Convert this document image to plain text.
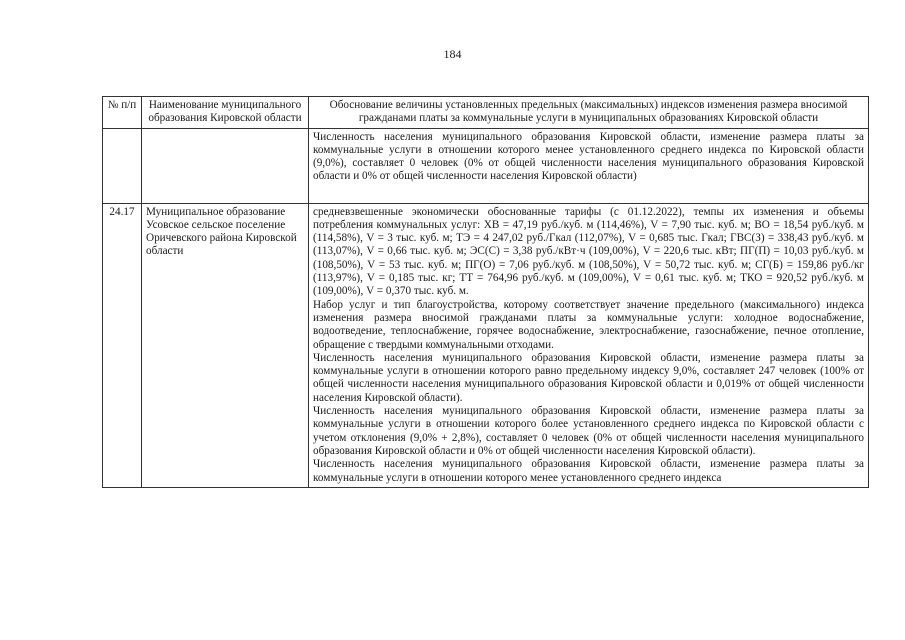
184
№ п/п	Наименование муниципального образования Кировской области	Обоснование величины установленных предельных (максимальных) индексов изменения размера вносимой гражданами платы за коммунальные услуги в муниципальных образованиях Кировской области

		Численность населения муниципального образования Кировской области, изменение размера платы за коммунальные услуги в отношении которого менее установленного среднего индекса по Кировской области (9,0%), составляет 0 человек (0% от общей численности населения муниципального образования Кировской области и 0% от общей численности населения Кировской области)

24.17	Муниципальное образование Усовское сельское поселение Оричевского района Кировской области	средневзвешенные экономически обоснованные тарифы (с 01.12.2022), темпы их изменения и объемы потребления коммунальных услуг: ХВ = 47,19 руб./куб. м (114,46%), V = 7,90 тыс. куб. м; ВО = 18,54 руб./куб. м (114,58%), V = 3 тыс. куб. м; ТЭ = 4 247,02 руб./Гкал (112,07%), V = 0,685 тыс. Гкал; ГВС(З) = 338,43 руб./куб. м (113,07%), V = 0,66 тыс. куб. м; ЭС(С) = 3,38 руб./кВт·ч (109,00%), V = 220,6 тыс. кВт; ПГ(П) = 10,03 руб./куб. м (108,50%), V = 53 тыс. куб. м; ПГ(О) = 7,06 руб./куб. м (108,50%), V = 50,72 тыс. куб. м; СГ(Б) = 159,86 руб./кг (113,97%), V = 0,185 тыс. кг; ТТ = 764,96 руб./куб. м (109,00%), V = 0,61 тыс. куб. м; ТКО = 920,52 руб./куб. м (109,00%), V = 0,370 тыс. куб. м.

Набор услуг и тип благоустройства, которому соответствует значение предельного (максимального) индекса изменения размера вносимой гражданами платы за коммунальные услуги: холодное водоснабжение, водоотведение, теплоснабжение, горячее водоснабжение, электроснабжение, газоснабжение, печное отопление, обращение с твердыми коммунальными отходами.

Численность населения муниципального образования Кировской области, изменение размера платы за коммунальные услуги в отношении которого равно предельному индексу 9,0%, составляет 247 человек (100% от общей численности населения муниципального образования Кировской области и 0,019% от общей численности населения Кировской области).

Численность населения муниципального образования Кировской области, изменение размера платы за коммунальные услуги в отношении которого более установленного среднего индекса по Кировской области с учетом отклонения (9,0% + 2,8%), составляет 0 человек (0% от общей численности населения муниципального образования Кировской области и 0% от общей численности населения Кировской области).

Численность населения муниципального образования Кировской области, изменение размера платы за коммунальные услуги в отношении которого менее установленного среднего индекса
